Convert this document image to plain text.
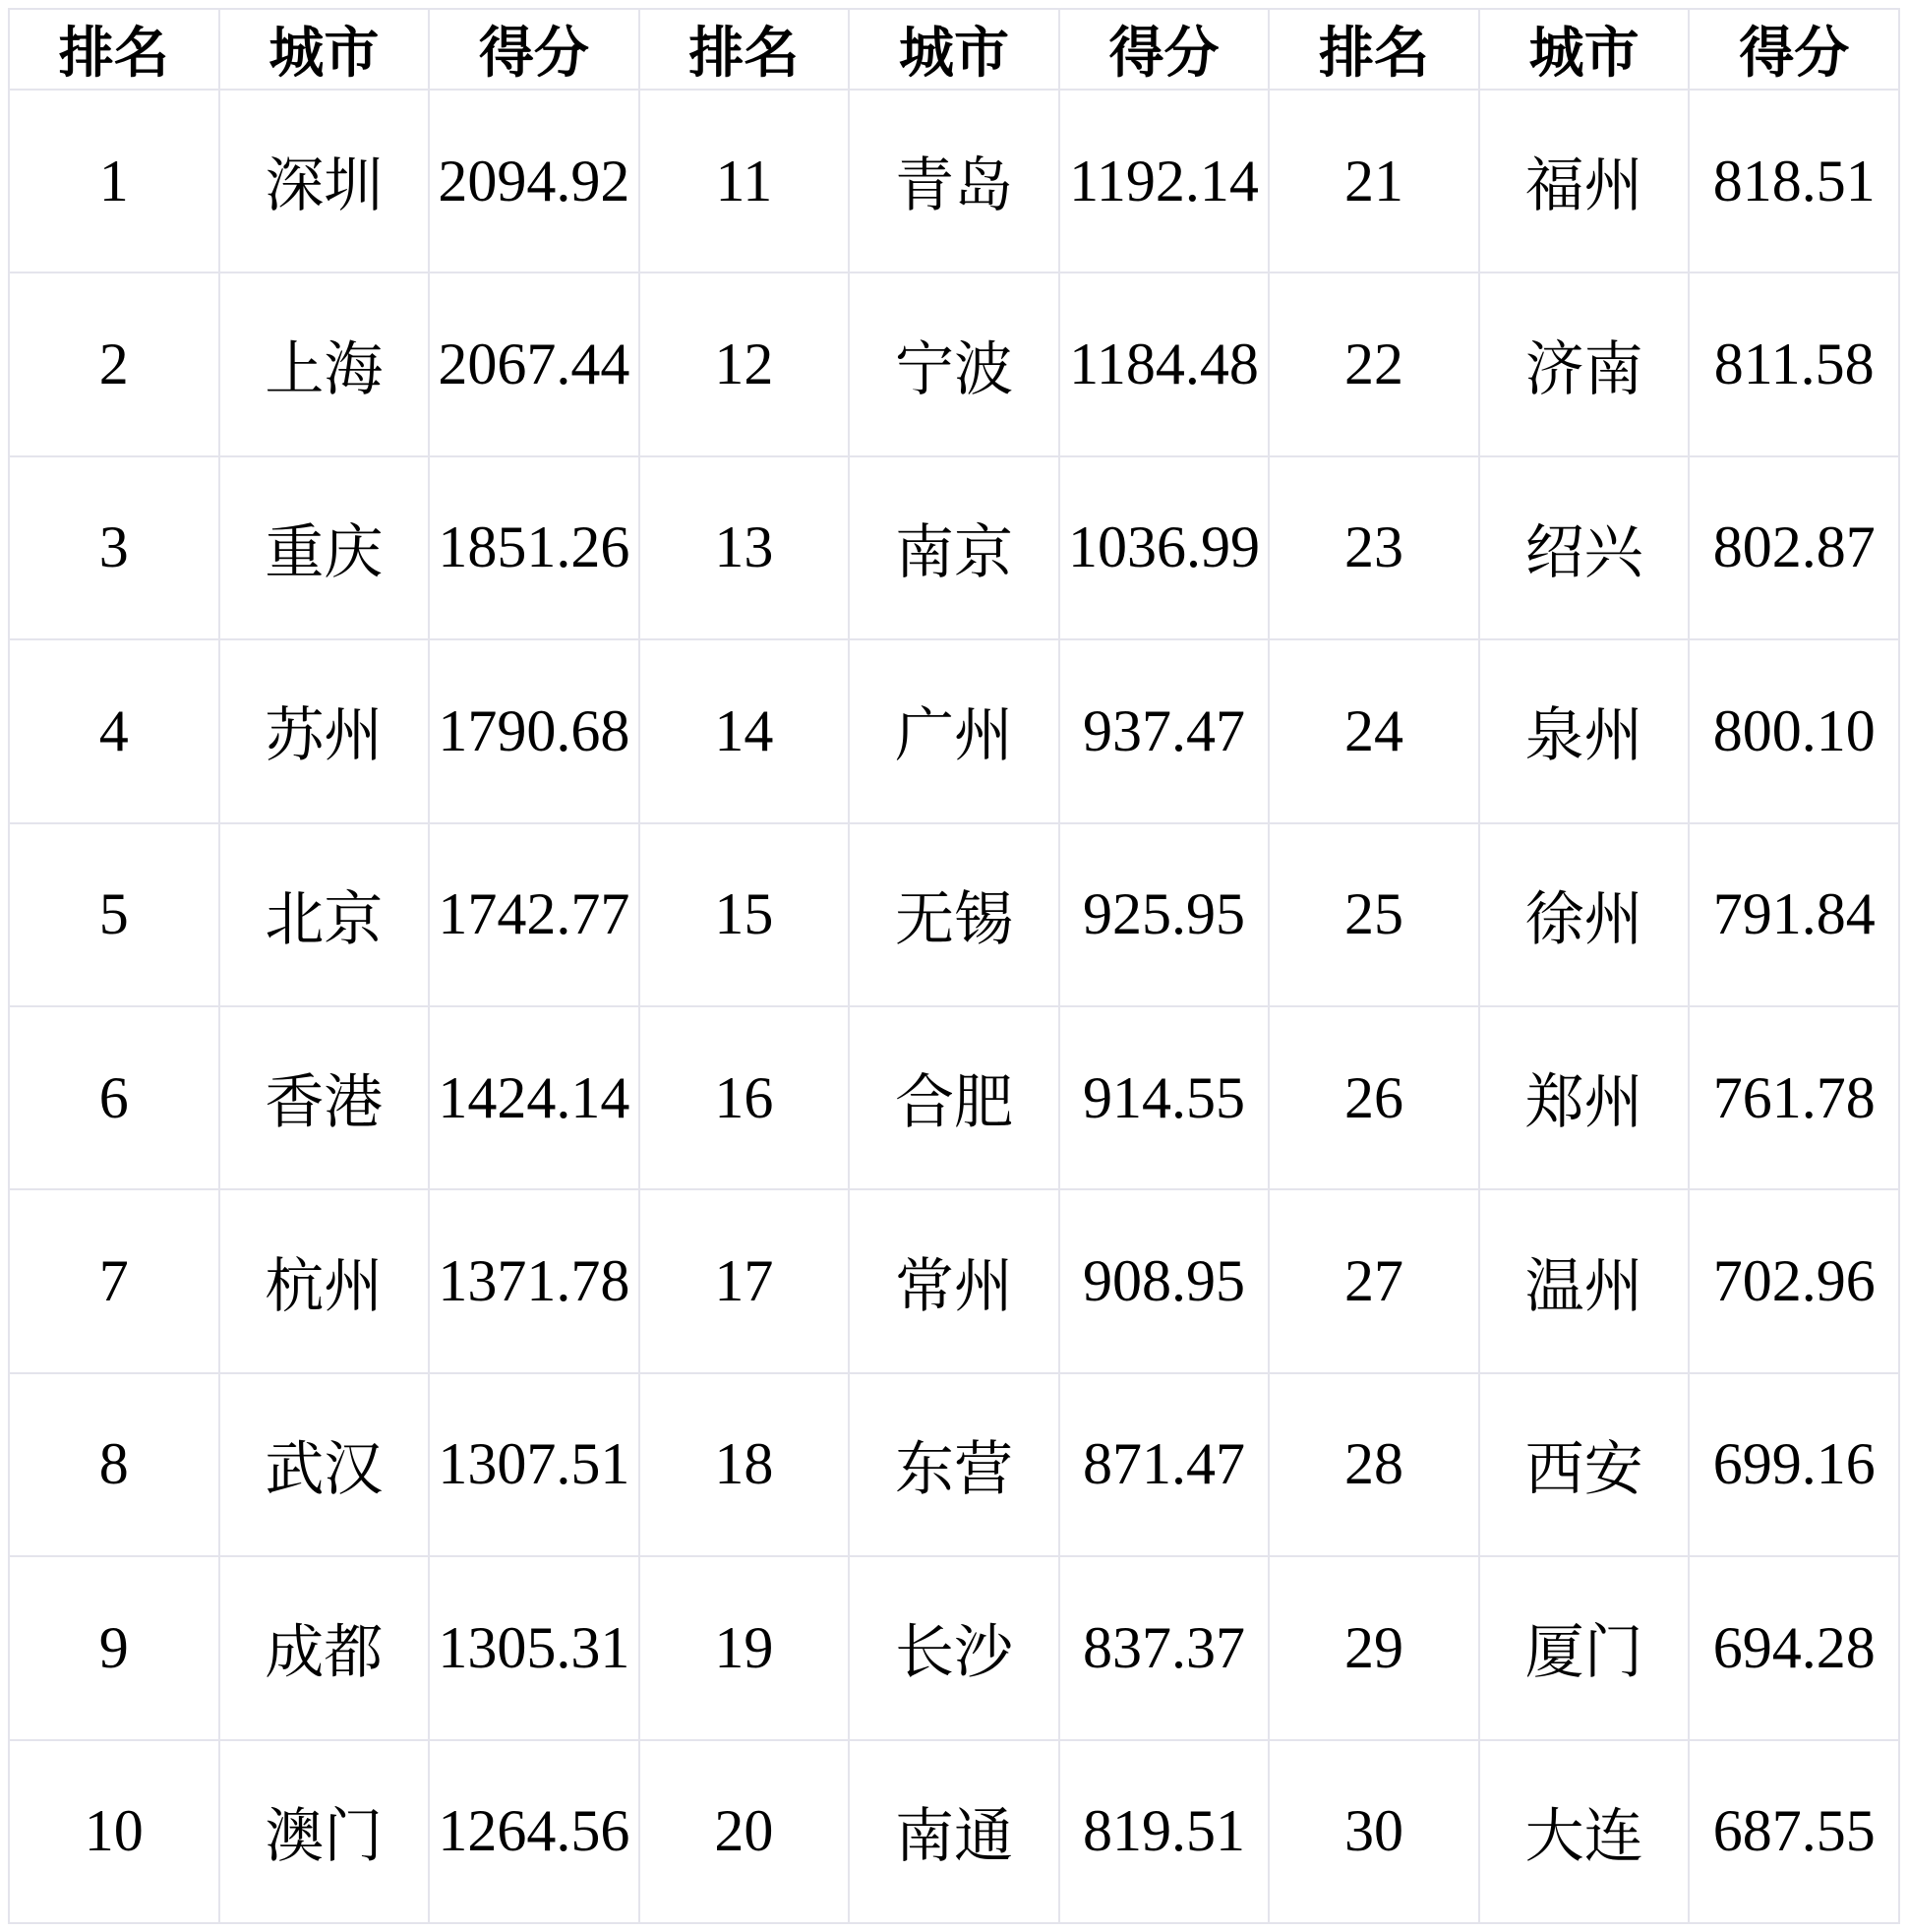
排名	城市	得分	排名	城市	得分	排名	城市	得分
1	深圳	2094.92	11	青岛	1192.14	21	福州	818.51
2	上海	2067.44	12	宁波	1184.48	22	济南	811.58
3	重庆	1851.26	13	南京	1036.99	23	绍兴	802.87
4	苏州	1790.68	14	广州	937.47	24	泉州	800.10
5	北京	1742.77	15	无锡	925.95	25	徐州	791.84
6	香港	1424.14	16	合肥	914.55	26	郑州	761.78
7	杭州	1371.78	17	常州	908.95	27	温州	702.96
8	武汉	1307.51	18	东营	871.47	28	西安	699.16
9	成都	1305.31	19	长沙	837.37	29	厦门	694.28
10	澳门	1264.56	20	南通	819.51	30	大连	687.55
